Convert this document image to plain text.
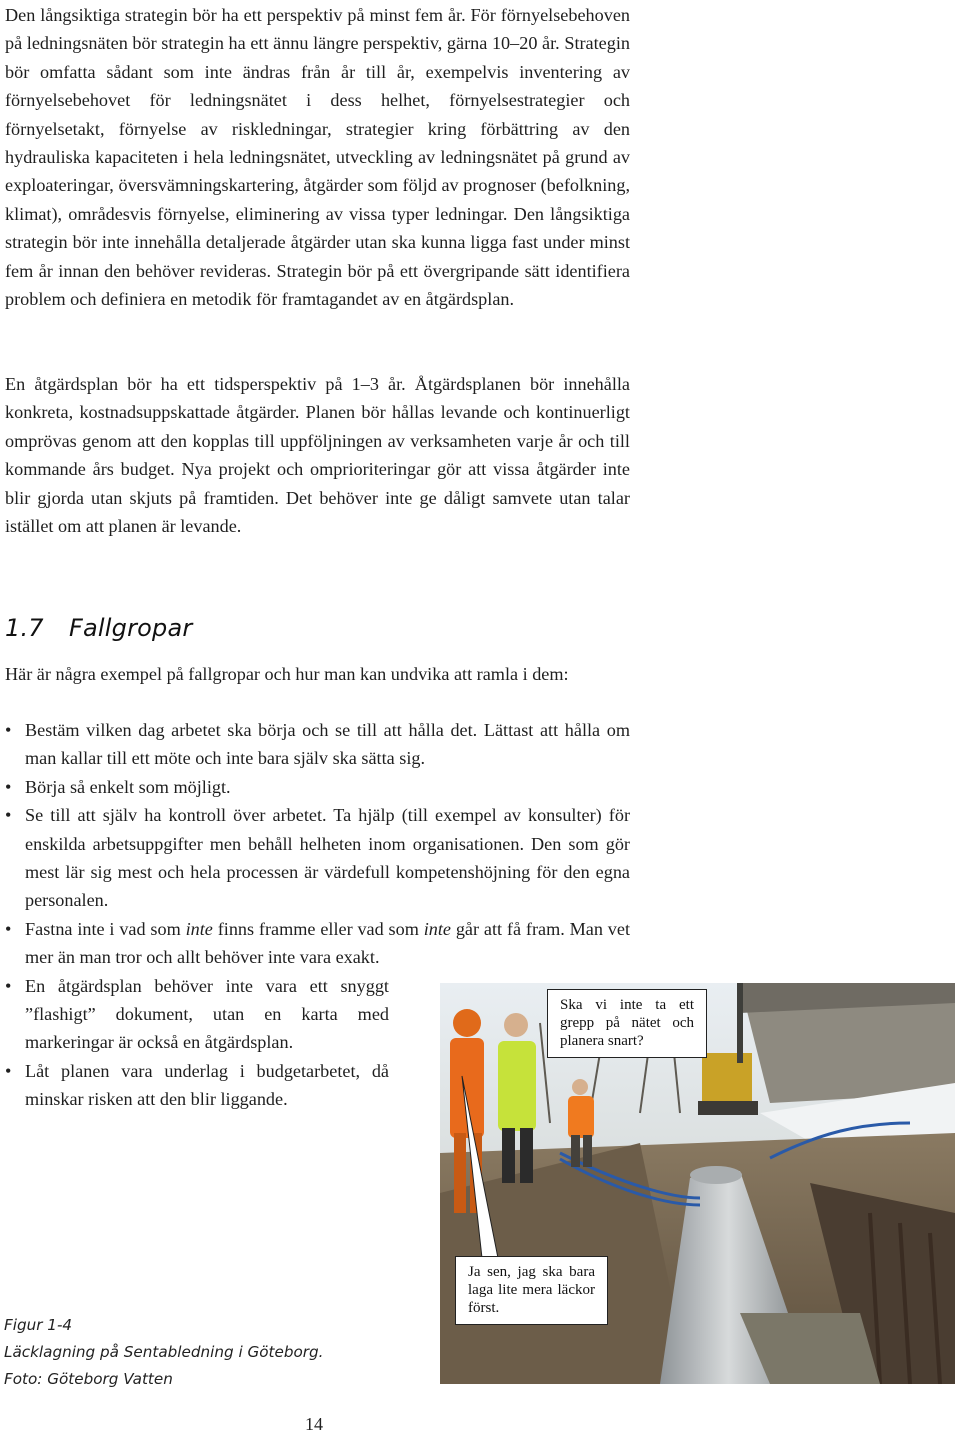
Den långsiktiga strategin bör ha ett perspektiv på minst fem år. För förnyelsebehoven på ledningsnäten bör strategin ha ett ännu längre perspektiv, gärna 10–20 år. Strategin bör omfatta sådant som inte ändras från år till år, exempelvis inventering av förnyelsebehovet för ledningsnätet i dess helhet, förnyelsestrategier och förnyelsetakt, förnyelse av riskledningar, strategier kring förbättring av den hydrauliska kapaciteten i hela ledningsnätet, utveckling av ledningsnätet på grund av exploateringar, översvämningskartering, åtgärder som följd av prognoser (befolkning, klimat), områdesvis förnyelse, eliminering av vissa typer ledningar. Den långsiktiga strategin bör inte innehålla detaljerade åtgärder utan ska kunna ligga fast under minst fem år innan den behöver revideras. Strategin bör på ett övergripande sätt identifiera problem och definiera en metodik för framtagandet av en åtgärdsplan.

En åtgärdsplan bör ha ett tidsperspektiv på 1–3 år. Åtgärdsplanen bör innehålla konkreta, kostnadsuppskattade åtgärder. Planen bör hållas levande och kontinuerligt omprövas genom att den kopplas till uppföljningen av verksamheten varje år och till kommande års budget. Nya projekt och omprioriteringar gör att vissa åtgärder inte blir gjorda utan skjuts på framtiden. Det behöver inte ge dåligt samvete utan talar istället om att planen är levande.

1.7 Fallgropar

Här är några exempel på fallgropar och hur man kan undvika att ramla i dem:

• Bestäm vilken dag arbetet ska börja och se till att hålla det. Lättast att hålla om man kallar till ett möte och inte bara själv ska sätta sig.
• Börja så enkelt som möjligt.
• Se till att själv ha kontroll över arbetet. Ta hjälp (till exempel av konsulter) för enskilda arbetsuppgifter men behåll helheten inom organisationen. Den som gör mest lär sig mest och hela processen är värdefull kompetenshöjning för den egna personalen.
• Fastna inte i vad som inte finns framme eller vad som inte går att få fram. Man vet mer än man tror och allt behöver inte vara exakt.
• En åtgärdsplan behöver inte vara ett snyggt ”flashigt” dokument, utan en karta med markeringar är också en åtgärdsplan.
• Låt planen vara underlag i budgetarbetet, då minskar risken att den blir liggande.
Ska vi inte ta ett grepp på nätet och planera snart?
Ja sen, jag ska bara laga lite mera läckor först.

Figur 1-4

Läcklagning på Sentabledning i Göteborg.

Foto: Göteborg Vatten

14
